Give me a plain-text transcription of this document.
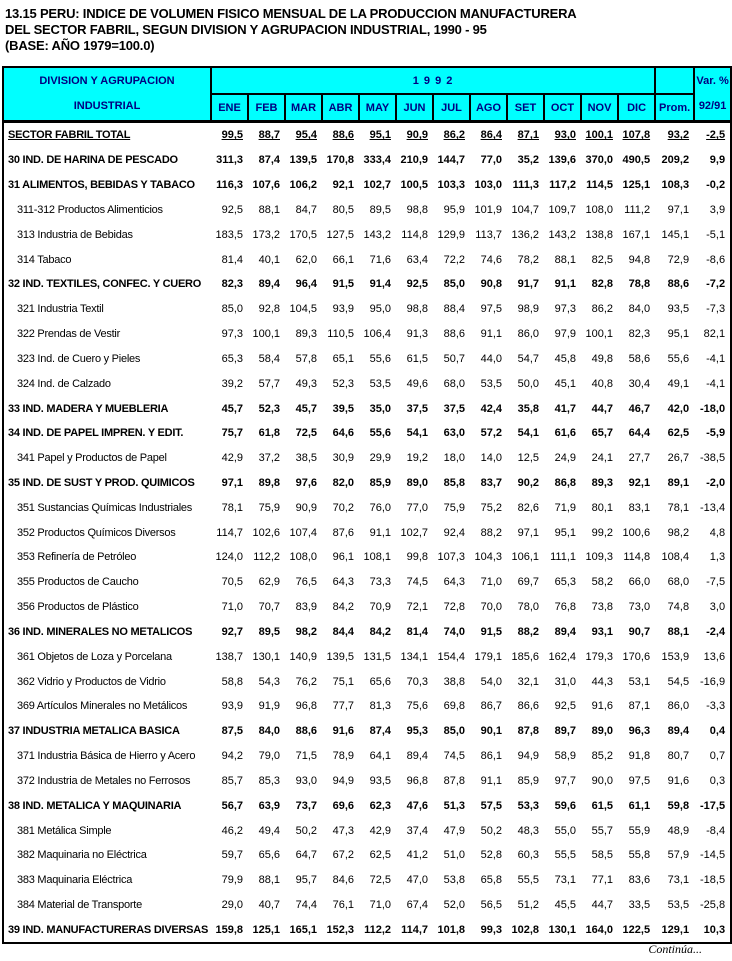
13.15 PERU: INDICE DE VOLUMEN FISICO MENSUAL DE LA PRODUCCION MANUFACTURERA
DEL SECTOR FABRIL, SEGUN DIVISION Y AGRUPACION INDUSTRIAL, 1990 - 95
(BASE: AÑO 1979=100.0)
DIVISION Y AGRUPACION
INDUSTRIAL
	1 9 9 2		Var. %
92/91

	ENE	FEB	MAR	ABR	MAY	JUN	JUL	AGO	SET	OCT	NOV	DIC	Prom.	
SECTOR FABRIL TOTAL	99,5	88,7	95,4	88,6	95,1	90,9	86,2	86,4	87,1	93,0	100,1	107,8	93,2	-2,5
30 IND. DE HARINA DE PESCADO	311,3	87,4	139,5	170,8	333,4	210,9	144,7	77,0	35,2	139,6	370,0	490,5	209,2	9,9
31 ALIMENTOS, BEBIDAS Y TABACO	116,3	107,6	106,2	92,1	102,7	100,5	103,3	103,0	111,3	117,2	114,5	125,1	108,3	-0,2
311-312 Productos Alimenticios	92,5	88,1	84,7	80,5	89,5	98,8	95,9	101,9	104,7	109,7	108,0	111,2	97,1	3,9
313 Industria de Bebidas	183,5	173,2	170,5	127,5	143,2	114,8	129,9	113,7	136,2	143,2	138,8	167,1	145,1	-5,1
314 Tabaco	81,4	40,1	62,0	66,1	71,6	63,4	72,2	74,6	78,2	88,1	82,5	94,8	72,9	-8,6
32 IND. TEXTILES, CONFEC. Y CUERO	82,3	89,4	96,4	91,5	91,4	92,5	85,0	90,8	91,7	91,1	82,8	78,8	88,6	-7,2
321 Industria Textil	85,0	92,8	104,5	93,9	95,0	98,8	88,4	97,5	98,9	97,3	86,2	84,0	93,5	-7,3
322 Prendas de Vestir	97,3	100,1	89,3	110,5	106,4	91,3	88,6	91,1	86,0	97,9	100,1	82,3	95,1	82,1
323 Ind. de Cuero y Pieles	65,3	58,4	57,8	65,1	55,6	61,5	50,7	44,0	54,7	45,8	49,8	58,6	55,6	-4,1
324 Ind. de Calzado	39,2	57,7	49,3	52,3	53,5	49,6	68,0	53,5	50,0	45,1	40,8	30,4	49,1	-4,1
33 IND. MADERA Y MUEBLERIA	45,7	52,3	45,7	39,5	35,0	37,5	37,5	42,4	35,8	41,7	44,7	46,7	42,0	-18,0
34 IND. DE PAPEL IMPREN. Y EDIT.	75,7	61,8	72,5	64,6	55,6	54,1	63,0	57,2	54,1	61,6	65,7	64,4	62,5	-5,9
341 Papel y Productos de Papel	42,9	37,2	38,5	30,9	29,9	19,2	18,0	14,0	12,5	24,9	24,1	27,7	26,7	-38,5
35 IND. DE SUST Y PROD. QUIMICOS	97,1	89,8	97,6	82,0	85,9	89,0	85,8	83,7	90,2	86,8	89,3	92,1	89,1	-2,0
351 Sustancias Químicas Industriales	78,1	75,9	90,9	70,2	76,0	77,0	75,9	75,2	82,6	71,9	80,1	83,1	78,1	-13,4
352 Productos Químicos Diversos	114,7	102,6	107,4	87,6	91,1	102,7	92,4	88,2	97,1	95,1	99,2	100,6	98,2	4,8
353 Refinería de Petróleo	124,0	112,2	108,0	96,1	108,1	99,8	107,3	104,3	106,1	111,1	109,3	114,8	108,4	1,3
355 Productos de Caucho	70,5	62,9	76,5	64,3	73,3	74,5	64,3	71,0	69,7	65,3	58,2	66,0	68,0	-7,5
356 Productos de Plástico	71,0	70,7	83,9	84,2	70,9	72,1	72,8	70,0	78,0	76,8	73,8	73,0	74,8	3,0
36 IND. MINERALES NO METALICOS	92,7	89,5	98,2	84,4	84,2	81,4	74,0	91,5	88,2	89,4	93,1	90,7	88,1	-2,4
361 Objetos de Loza y Porcelana	138,7	130,1	140,9	139,5	131,5	134,1	154,4	179,1	185,6	162,4	179,3	170,6	153,9	13,6
362 Vidrio y Productos de Vidrio	58,8	54,3	76,2	75,1	65,6	70,3	38,8	54,0	32,1	31,0	44,3	53,1	54,5	-16,9
369 Artículos Minerales no Metálicos	93,9	91,9	96,8	77,7	81,3	75,6	69,8	86,7	86,6	92,5	91,6	87,1	86,0	-3,3
37 INDUSTRIA METALICA BASICA	87,5	84,0	88,6	91,6	87,4	95,3	85,0	90,1	87,8	89,7	89,0	96,3	89,4	0,4
371 Industria Básica de Hierro y Acero	94,2	79,0	71,5	78,9	64,1	89,4	74,5	86,1	94,9	58,9	85,2	91,8	80,7	0,7
372 Industria de Metales no Ferrosos	85,7	85,3	93,0	94,9	93,5	96,8	87,8	91,1	85,9	97,7	90,0	97,5	91,6	0,3
38 IND. METALICA Y MAQUINARIA	56,7	63,9	73,7	69,6	62,3	47,6	51,3	57,5	53,3	59,6	61,5	61,1	59,8	-17,5
381 Metálica Simple	46,2	49,4	50,2	47,3	42,9	37,4	47,9	50,2	48,3	55,0	55,7	55,9	48,9	-8,4
382 Maquinaria no Eléctrica	59,7	65,6	64,7	67,2	62,5	41,2	51,0	52,8	60,3	55,5	58,5	55,8	57,9	-14,5
383 Maquinaria Eléctrica	79,9	88,1	95,7	84,6	72,5	47,0	53,8	65,8	55,5	73,1	77,1	83,6	73,1	-18,5
384 Material de Transporte	29,0	40,7	74,4	76,1	71,0	67,4	52,0	56,5	51,2	45,5	44,7	33,5	53,5	-25,8
39 IND. MANUFACTURERAS DIVERSAS	159,8	125,1	165,1	152,3	112,2	114,7	101,8	99,3	102,8	130,1	164,0	122,5	129,1	10,3
Continúa...
